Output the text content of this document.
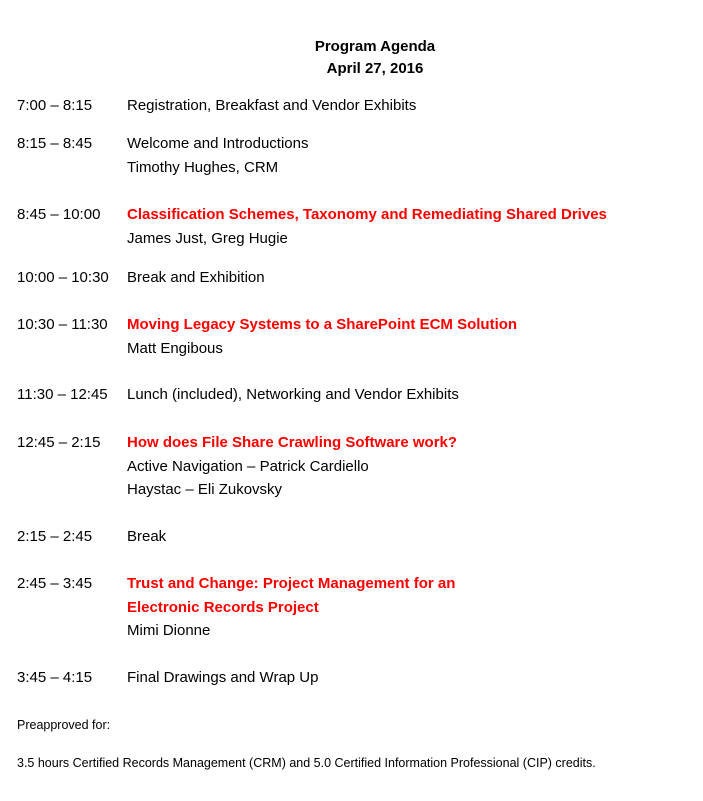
Program Agenda
April 27, 2016
7:00 – 8:15 Registration, Breakfast and Vendor Exhibits
8:15 – 8:45 Welcome and Introductions
Timothy Hughes, CRM
8:45 – 10:00 Classification Schemes, Taxonomy and Remediating Shared Drives
James Just, Greg Hugie
10:00 – 10:30 Break and Exhibition
10:30 – 11:30 Moving Legacy Systems to a SharePoint ECM Solution
Matt Engibous
11:30 – 12:45 Lunch (included), Networking and Vendor Exhibits
12:45 – 2:15 How does File Share Crawling Software work?
Active Navigation – Patrick Cardiello
Haystac – Eli Zukovsky
2:15 – 2:45 Break
2:45 – 3:45 Trust and Change: Project Management for an
Electronic Records Project
Mimi Dionne
3:45 – 4:15 Final Drawings and Wrap Up
Preapproved for:
3.5 hours Certified Records Management (CRM) and 5.0 Certified Information Professional (CIP) credits.
